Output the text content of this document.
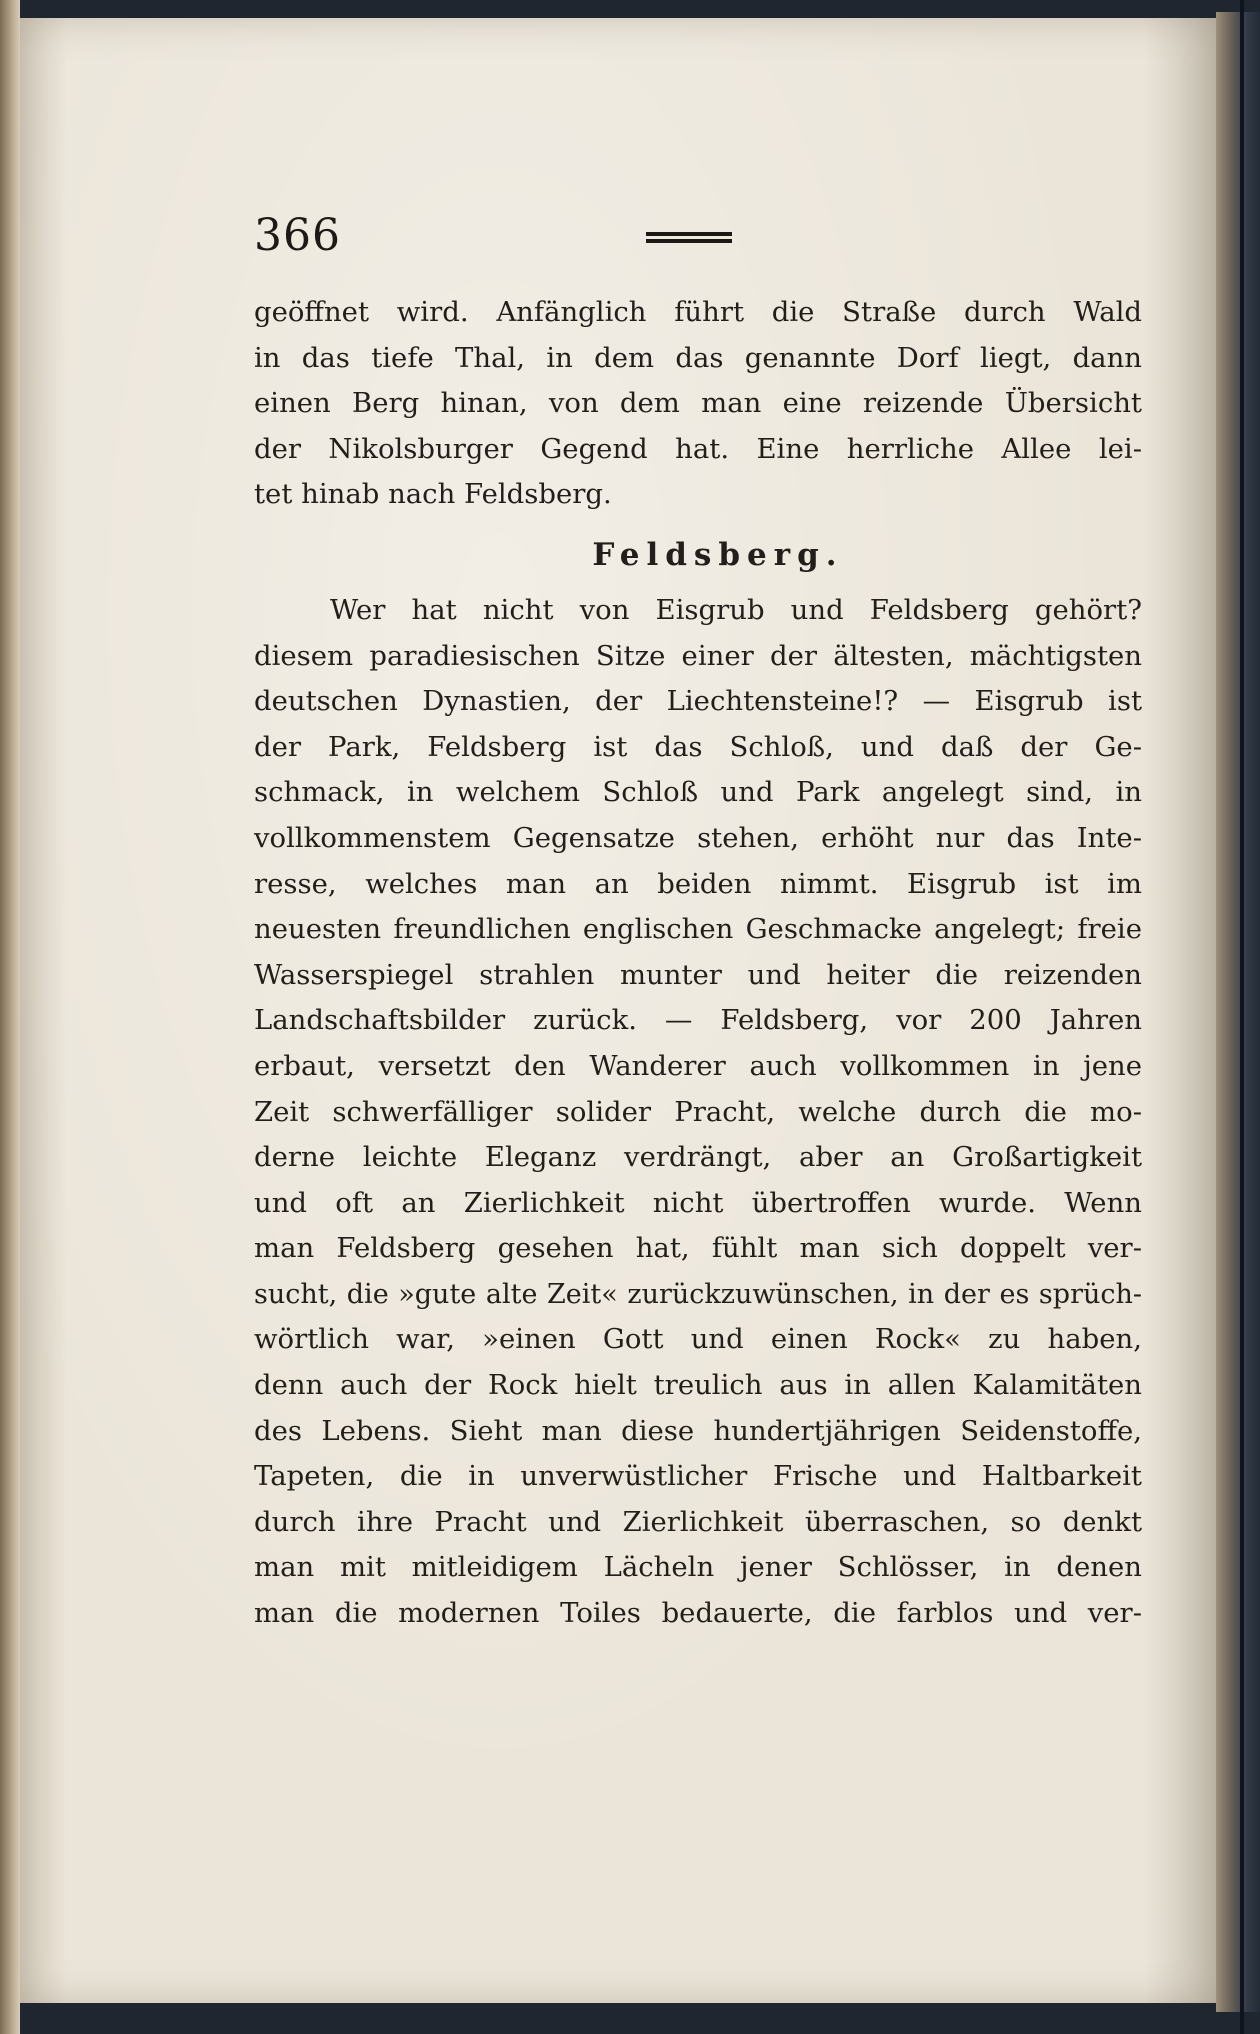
366
geöffnet wird. Anfänglich führt die Straße durch Wald
in das tiefe Thal, in dem das genannte Dorf liegt, dann
einen Berg hinan, von dem man eine reizende Übersicht
der Nikolsburger Gegend hat. Eine herrliche Allee lei-
tet hinab nach Feldsberg.
Feldsberg.
Wer hat nicht von Eisgrub und Feldsberg gehört?
diesem paradiesischen Sitze einer der ältesten, mächtigsten
deutschen Dynastien, der Liechtensteine!? — Eisgrub ist
der Park, Feldsberg ist das Schloß, und daß der Ge-
schmack, in welchem Schloß und Park angelegt sind, in
vollkommenstem Gegensatze stehen, erhöht nur das Inte-
resse, welches man an beiden nimmt. Eisgrub ist im
neuesten freundlichen englischen Geschmacke angelegt; freie
Wasserspiegel strahlen munter und heiter die reizenden
Landschaftsbilder zurück. — Feldsberg, vor 200 Jahren
erbaut, versetzt den Wanderer auch vollkommen in jene
Zeit schwerfälliger solider Pracht, welche durch die mo-
derne leichte Eleganz verdrängt, aber an Großartigkeit
und oft an Zierlichkeit nicht übertroffen wurde. Wenn
man Feldsberg gesehen hat, fühlt man sich doppelt ver-
sucht, die »gute alte Zeit« zurückzuwünschen, in der es sprüch-
wörtlich war, »einen Gott und einen Rock« zu haben,
denn auch der Rock hielt treulich aus in allen Kalamitäten
des Lebens. Sieht man diese hundertjährigen Seidenstoffe,
Tapeten, die in unverwüstlicher Frische und Haltbarkeit
durch ihre Pracht und Zierlichkeit überraschen, so denkt
man mit mitleidigem Lächeln jener Schlösser, in denen
man die modernen Toiles bedauerte, die farblos und ver-
